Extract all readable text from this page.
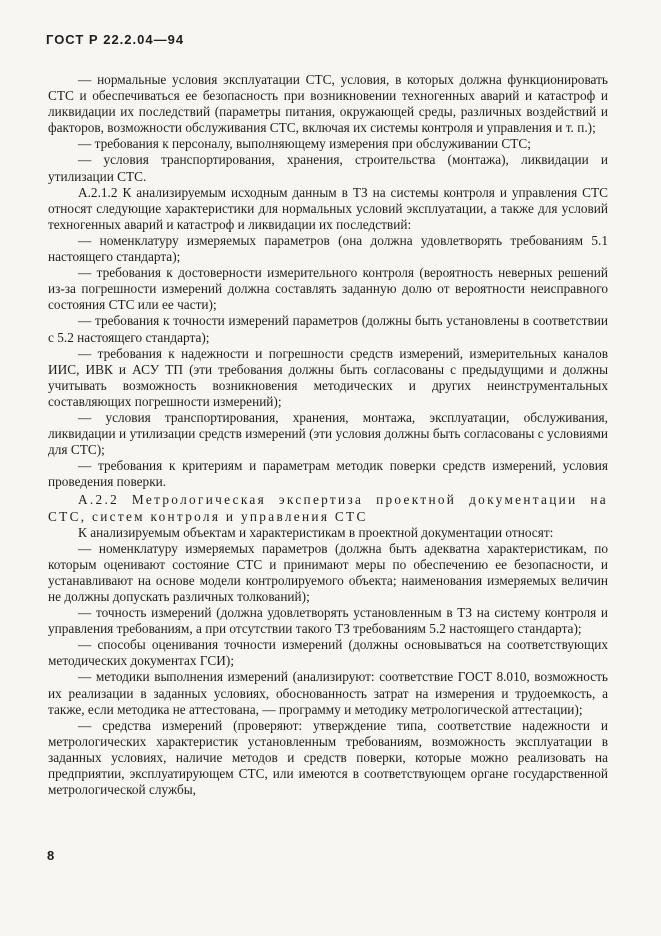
ГОСТ Р 22.2.04—94

— нормальные условия эксплуатации СТС, условия, в которых должна функционировать СТС и обеспечиваться ее безопасность при возникновении техногенных аварий и катастроф и ликвидации их последствий (параметры питания, окружающей среды, различных воздействий и факторов, возможности обслуживания СТС, включая их системы контроля и управления и т. п.);

— требования к персоналу, выполняющему измерения при обслуживании СТС;

— условия транспортирования, хранения, строительства (монтажа), ликвидации и утилизации СТС.

А.2.1.2 К анализируемым исходным данным в ТЗ на системы контроля и управления СТС относят следующие характеристики для нормальных условий эксплуатации, а также для условий техногенных аварий и катастроф и ликвидации их последствий:

— номенклатуру измеряемых параметров (она должна удовлетворять требованиям 5.1 настоящего стандарта);

— требования к достоверности измерительного контроля (вероятность неверных решений из-за погрешности измерений должна составлять заданную долю от вероятности неисправного состояния СТС или ее части);

— требования к точности измерений параметров (должны быть установлены в соответствии с 5.2 настоящего стандарта);

— требования к надежности и погрешности средств измерений, измерительных каналов ИИС, ИВК и АСУ ТП (эти требования должны быть согласованы с предыдущими и должны учитывать возможность возникновения методических и других неинструментальных составляющих погрешности измерений);

— условия транспортирования, хранения, монтажа, эксплуатации, обслуживания, ликвидации и утилизации средств измерений (эти условия должны быть согласованы с условиями для СТС);

— требования к критериям и параметрам методик поверки средств измерений, условия проведения поверки.

А.2.2 Метрологическая экспертиза проектной документации на СТС, систем контроля и управления СТС

К анализируемым объектам и характеристикам в проектной документации относят:

— номенклатуру измеряемых параметров (должна быть адекватна характеристикам, по которым оценивают состояние СТС и принимают меры по обеспечению ее безопасности, и устанавливают на основе модели контролируемого объекта; наименования измеряемых величин не должны допускать различных толкований);

— точность измерений (должна удовлетворять установленным в ТЗ на систему контроля и управления требованиям, а при отсутствии такого ТЗ требованиям 5.2 настоящего стандарта);

— способы оценивания точности измерений (должны основываться на соответствующих методических документах ГСИ);

— методики выполнения измерений (анализируют: соответствие ГОСТ 8.010, возможность их реализации в заданных условиях, обоснованность затрат на измерения и трудоемкость, а также, если методика не аттестована, — программу и методику метрологической аттестации);

— средства измерений (проверяют: утверждение типа, соответствие надежности и метрологических характеристик установленным требованиям, возможность эксплуатации в заданных условиях, наличие методов и средств поверки, которые можно реализовать на предприятии, эксплуатирующем СТС, или имеются в соответствующем органе государственной метрологической службы,

8
